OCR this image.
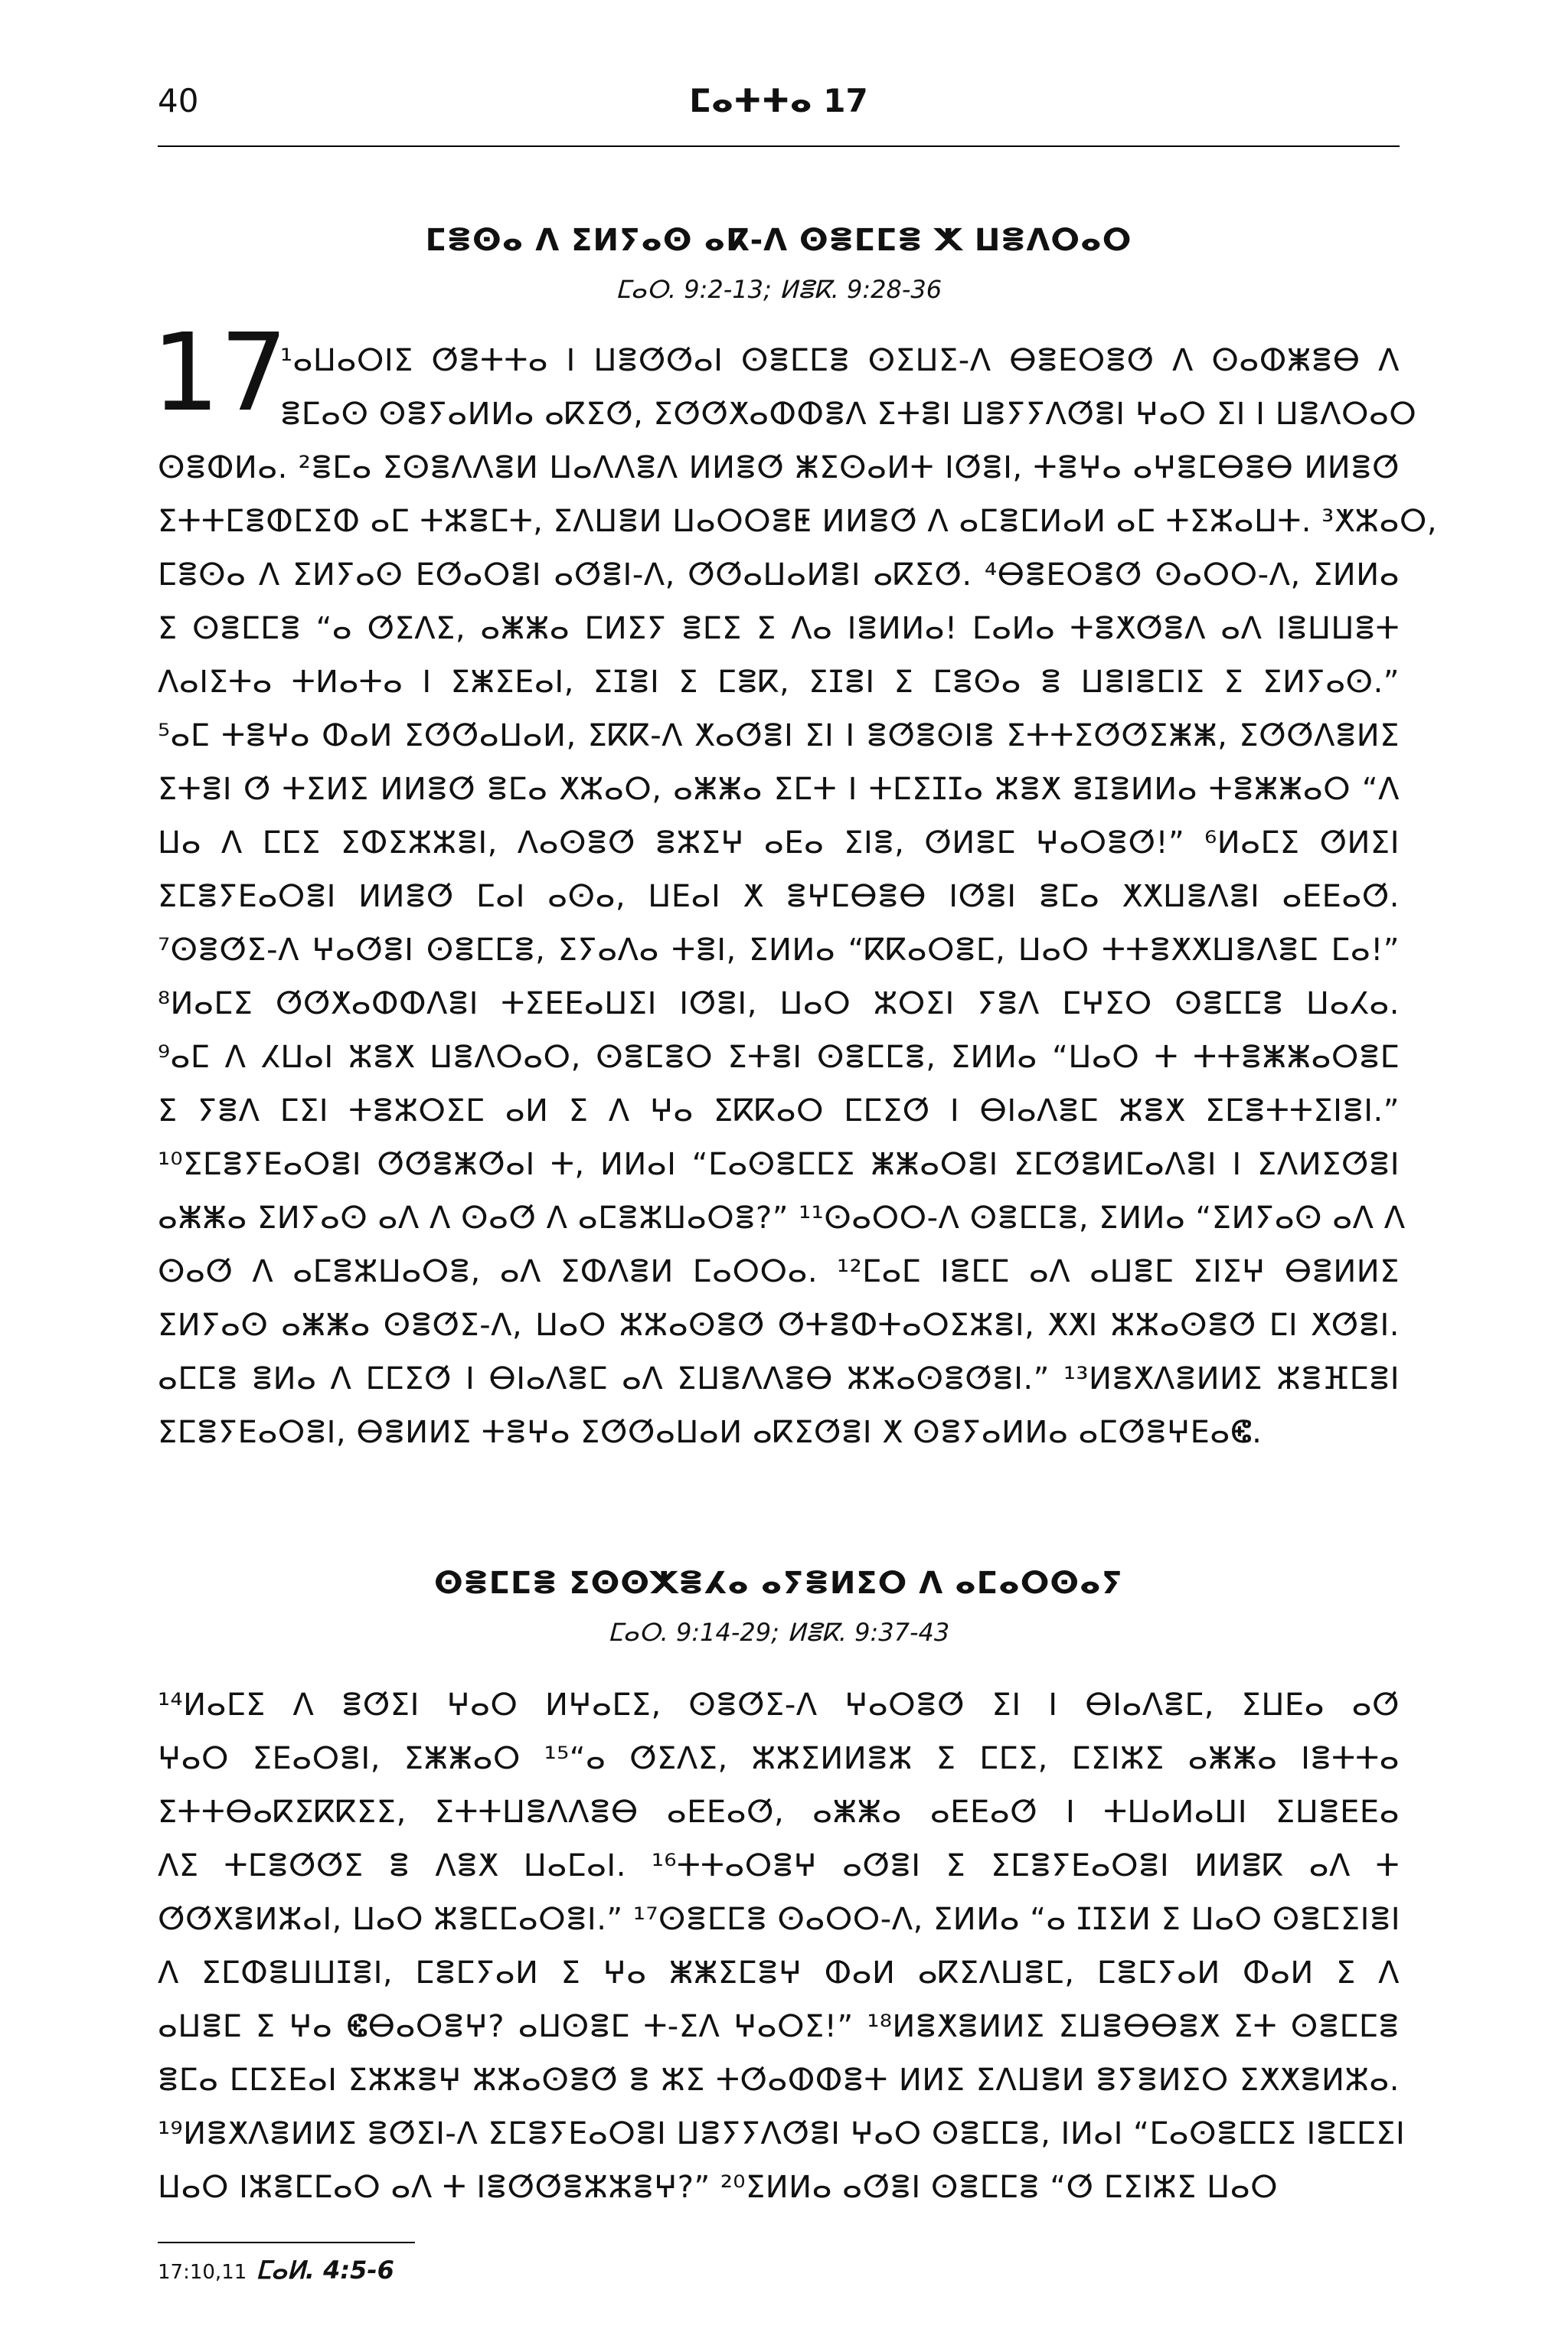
40	ⵎⴰⵜⵜⴰ 17
ⵎⴻⵙⴰ ⴷ ⵉⵍⵢⴰⵙ ⴰⴽ-ⴷ ⵙⴻⵎⵎⴻ ⵅ ⵡⴻⴷⵔⴰⵔ
ⵎⴰⵔ. 9:2-13; ⵍⴻⴽ. 9:28-36
17
¹ⴰⵡⴰⵔⵏⵉ ⵚⴻⵜⵜⴰ ⵏ ⵡⴻⵚⵚⴰⵏ ⵙⴻⵎⵎⴻ ⵙⵉⵡⵉ-ⴷ ⴱⴻⴹⵔⴻⵚ ⴷ ⵙⴰⵀⵥⴻⴱ ⴷ
ⴻⵎⴰⵙ ⵙⴻⵢⴰⵍⵍⴰ ⴰⴽⵉⵚ, ⵉⵚⵚⵅⴰⵀⵀⴻⴷ ⵉⵜⴻⵏ ⵡⴻⵢⵢⴷⵚⴻⵏ ⵖⴰⵔ ⵉⵏ ⵏ ⵡⴻⴷⵔⴰⵔ
ⵙⴻⵀⵍⴰ. ²ⴻⵎⴰ ⵉⵙⴻⴷⴷⴻⵍ ⵡⴰⴷⴷⴻⴷ ⵍⵍⴻⵚ ⵥⵉⵙⴰⵍⵜ ⵏⵚⴻⵏ, ⵜⴻⵖⴰ ⴰⵖⴻⵎⴱⴻⴱ ⵍⵍⴻⵚ
ⵉⵜⵜⵎⴻⵀⵎⵉⵀ ⴰⵎ ⵜⵣⴻⵎⵜ, ⵉⴷⵡⴻⵍ ⵡⴰⵔⵔⴻⵟ ⵍⵍⴻⵚ ⴷ ⴰⵎⴻⵎⵍⴰⵍ ⴰⵎ ⵜⵉⵣⴰⵡⵜ. ³ⵅⵣⴰⵔ,
ⵎⴻⵙⴰ ⴷ ⵉⵍⵢⴰⵙ ⴹⵚⴰⵔⴻⵏ ⴰⵚⴻⵏ-ⴷ, ⵚⵚⴰⵡⴰⵍⴻⵏ ⴰⴽⵉⵚ. ⁴ⴱⴻⴹⵔⴻⵚ ⵙⴰⵔⵔ-ⴷ, ⵉⵍⵍⴰ
ⵉ ⵙⴻⵎⵎⴻ “ⴰ ⵚⵉⴷⵉ, ⴰⵥⵥⴰ ⵎⵍⵉⵢ ⴻⵎⵉ ⵉ ⴷⴰ ⵏⴻⵍⵍⴰ! ⵎⴰⵍⴰ ⵜⴻⵅⵚⴻⴷ ⴰⴷ ⵏⴻⵡⵡⴻⵜ
ⴷⴰⵏⵉⵜⴰ ⵜⵍⴰⵜⴰ ⵏ ⵉⵥⵉⴹⴰⵏ, ⵉⵊⴻⵏ ⵉ ⵎⴻⴽ, ⵉⵊⴻⵏ ⵉ ⵎⴻⵙⴰ ⴻ ⵡⴻⵏⴻⵎⵏⵉ ⵉ ⵉⵍⵢⴰⵙ.”
⁵ⴰⵎ ⵜⴻⵖⴰ ⵀⴰⵍ ⵉⵚⵚⴰⵡⴰⵍ, ⵉⴽⴽ-ⴷ ⵅⴰⵚⴻⵏ ⵉⵏ ⵏ ⴻⵚⴻⵙⵏⴻ ⵉⵜⵜⵉⵚⵚⵉⵥⵥ, ⵉⵚⵚⴷⴻⵍⵉ
ⵉⵜⴻⵏ ⵚ ⵜⵉⵍⵉ ⵍⵍⴻⵚ ⴻⵎⴰ ⵅⵣⴰⵔ, ⴰⵥⵥⴰ ⵉⵎⵜ ⵏ ⵜⵎⵉⵊⵊⴰ ⵣⴻⵅ ⴻⵊⴻⵍⵍⴰ ⵜⴻⵥⵥⴰⵔ “ⴷ
ⵡⴰ ⴷ ⵎⵎⵉ ⵉⵀⵉⵣⵣⴻⵏ, ⴷⴰⵙⴻⵚ ⴻⵣⵉⵖ ⴰⴹⴰ ⵉⵏⴻ, ⵚⵍⴻⵎ ⵖⴰⵔⴻⵚ!” ⁶ⵍⴰⵎⵉ ⵚⵍⵉⵏ
ⵉⵎⴻⵢⴹⴰⵔⴻⵏ ⵍⵍⴻⵚ ⵎⴰⵏ ⴰⵙⴰ, ⵡⴹⴰⵏ ⵅ ⴻⵖⵎⴱⴻⴱ ⵏⵚⴻⵏ ⴻⵎⴰ ⵅⵅⵡⴻⴷⴻⵏ ⴰⴹⴹⴰⵚ.
⁷ⵙⴻⵚⵉ-ⴷ ⵖⴰⵚⴻⵏ ⵙⴻⵎⵎⴻ, ⵉⵢⴰⴷⴰ ⵜⴻⵏ, ⵉⵍⵍⴰ “ⴽⴽⴰⵔⴻⵎ, ⵡⴰⵔ ⵜⵜⴻⵅⵅⵡⴻⴷⴻⵎ ⵎⴰ!”
⁸ⵍⴰⵎⵉ ⵚⵚⵅⴰⵀⵀⴷⴻⵏ ⵜⵉⴹⴹⴰⵡⵉⵏ ⵏⵚⴻⵏ, ⵡⴰⵔ ⵣⵔⵉⵏ ⵢⴻⴷ ⵎⵖⵉⵔ ⵙⴻⵎⵎⴻ ⵡⴰⵃⴰ.
⁹ⴰⵎ ⴷ ⵃⵡⴰⵏ ⵣⴻⵅ ⵡⴻⴷⵔⴰⵔ, ⵙⴻⵎⴻⵔ ⵉⵜⴻⵏ ⵙⴻⵎⵎⴻ, ⵉⵍⵍⴰ “ⵡⴰⵔ ⵜ ⵜⵜⴻⵥⵥⴰⵔⴻⵎ
ⵉ ⵢⴻⴷ ⵎⵉⵏ ⵜⴻⵣⵔⵉⵎ ⴰⵍ ⵉ ⴷ ⵖⴰ ⵉⴽⴽⴰⵔ ⵎⵎⵉⵚ ⵏ ⴱⵏⴰⴷⴻⵎ ⵣⴻⵅ ⵉⵎⴻⵜⵜⵉⵏⴻⵏ.”
¹⁰ⵉⵎⴻⵢⴹⴰⵔⴻⵏ ⵚⵚⴻⵥⵚⴰⵏ ⵜ, ⵍⵍⴰⵏ “ⵎⴰⵙⴻⵎⵎⵉ ⵥⵥⴰⵔⴻⵏ ⵉⵎⵚⴻⵍⵎⴰⴷⴻⵏ ⵏ ⵉⴷⵍⵉⵚⴻⵏ
ⴰⵥⵥⴰ ⵉⵍⵢⴰⵙ ⴰⴷ ⴷ ⵙⴰⵚ ⴷ ⴰⵎⴻⵣⵡⴰⵔⴻ?” ¹¹ⵙⴰⵔⵔ-ⴷ ⵙⴻⵎⵎⴻ, ⵉⵍⵍⴰ “ⵉⵍⵢⴰⵙ ⴰⴷ ⴷ
ⵙⴰⵚ ⴷ ⴰⵎⴻⵣⵡⴰⵔⴻ, ⴰⴷ ⵉⵀⴷⴻⵍ ⵎⴰⵔⵔⴰ. ¹²ⵎⴰⵎ ⵏⴻⵎⵎ ⴰⴷ ⴰⵡⴻⵎ ⵉⵏⵉⵖ ⴱⴻⵍⵍⵉ
ⵉⵍⵢⴰⵙ ⴰⵥⵥⴰ ⵙⴻⵚⵉ-ⴷ, ⵡⴰⵔ ⵣⵣⴰⵙⴻⵚ ⵚⵜⴻⵀⵜⴰⵔⵉⵣⴻⵏ, ⵅⵅⵏ ⵣⵣⴰⵙⴻⵚ ⵎⵏ ⵅⵚⴻⵏ.
ⴰⵎⵎⴻ ⴻⵍⴰ ⴷ ⵎⵎⵉⵚ ⵏ ⴱⵏⴰⴷⴻⵎ ⴰⴷ ⵉⵡⴻⴷⴷⴻⴱ ⵣⵣⴰⵙⴻⵚⴻⵏ.” ¹³ⵍⴻⵅⴷⴻⵍⵍⵉ ⵣⴻⴼⵎⴻⵏ
ⵉⵎⴻⵢⴹⴰⵔⴻⵏ, ⴱⴻⵍⵍⵉ ⵜⴻⵖⴰ ⵉⵚⵚⴰⵡⴰⵍ ⴰⴽⵉⵚⴻⵏ ⵅ ⵙⴻⵢⴰⵍⵍⴰ ⴰⵎⵚⴻⵖⴹⴰⵞ.
¹⁴ⵍⴰⵎⵉ ⴷ ⴻⵚⵉⵏ ⵖⴰⵔ ⵍⵖⴰⵎⵉ, ⵙⴻⵚⵉ-ⴷ ⵖⴰⵔⴻⵚ ⵉⵏ ⵏ ⴱⵏⴰⴷⴻⵎ, ⵉⵡⴹⴰ ⴰⵚ
ⵖⴰⵔ ⵉⴹⴰⵔⴻⵏ, ⵉⵥⵥⴰⵔ ¹⁵“ⴰ ⵚⵉⴷⵉ, ⵣⵣⵉⵍⵍⴻⵣ ⵉ ⵎⵎⵉ, ⵎⵉⵏⵣⵉ ⴰⵥⵥⴰ ⵏⴻⵜⵜⴰ
ⵉⵜⵜⴱⴰⴽⵉⴽⴽⵉⵉ, ⵉⵜⵜⵡⴻⴷⴷⴻⴱ ⴰⴹⴹⴰⵚ, ⴰⵥⵥⴰ ⴰⴹⴹⴰⵚ ⵏ ⵜⵡⴰⵍⴰⵡⵏ ⵉⵡⴻⴹⴹⴰ
ⴷⵉ ⵜⵎⴻⵚⵚⵉ ⴻ ⴷⴻⵅ ⵡⴰⵎⴰⵏ. ¹⁶ⵜⵜⴰⵔⴻⵖ ⴰⵚⴻⵏ ⵉ ⵉⵎⴻⵢⴹⴰⵔⴻⵏ ⵍⵍⴻⴽ ⴰⴷ ⵜ
ⵚⵚⵅⴻⵍⵣⴰⵏ, ⵡⴰⵔ ⵣⴻⵎⵎⴰⵔⴻⵏ.” ¹⁷ⵙⴻⵎⵎⴻ ⵙⴰⵔⵔ-ⴷ, ⵉⵍⵍⴰ “ⴰ ⵊⵊⵉⵍ ⵉ ⵡⴰⵔ ⵙⴻⵎⵉⵏⴻⵏ
ⴷ ⵉⵎⵀⴻⵡⵡⵊⴻⵏ, ⵎⴻⵎⵢⴰⵍ ⵉ ⵖⴰ ⵥⵥⵉⵎⴻⵖ ⵀⴰⵍ ⴰⴽⵉⴷⵡⴻⵎ, ⵎⴻⵎⵢⴰⵍ ⵀⴰⵍ ⵉ ⴷ
ⴰⵡⴻⵎ ⵉ ⵖⴰ ⵞⴱⴰⵔⴻⵖ? ⴰⵡⵙⴻⵎ ⵜ-ⵉⴷ ⵖⴰⵔⵉ!” ¹⁸ⵍⴻⵅⴻⵍⵍⵉ ⵉⵡⴻⴱⴱⴻⵅ ⵉⵜ ⵙⴻⵎⵎⴻ
ⴻⵎⴰ ⵎⵎⵉⴹⴰⵏ ⵉⵣⵣⴻⵖ ⵣⵣⴰⵙⴻⵚ ⴻ ⵣⵉ ⵜⵚⴰⵀⵀⴻⵜ ⵍⵍⵉ ⵉⴷⵡⴻⵍ ⴻⵢⴻⵍⵉⵔ ⵉⵅⵅⴻⵍⵣⴰ.
¹⁹ⵍⴻⵅⴷⴻⵍⵍⵉ ⴻⵚⵉⵏ-ⴷ ⵉⵎⴻⵢⴹⴰⵔⴻⵏ ⵡⴻⵢⵢⴷⵚⴻⵏ ⵖⴰⵔ ⵙⴻⵎⵎⴻ, ⵏⵍⴰⵏ “ⵎⴰⵙⴻⵎⵎⵉ ⵏⴻⵎⵎⵉⵏ
ⵡⴰⵔ ⵏⵣⴻⵎⵎⴰⵔ ⴰⴷ ⵜ ⵏⴻⵚⵚⴻⵣⵣⴻⵖ?” ²⁰ⵉⵍⵍⴰ ⴰⵚⴻⵏ ⵙⴻⵎⵎⴻ “ⵚ ⵎⵉⵏⵣⵉ ⵡⴰⵔ
ⵙⴻⵎⵎⴻ ⵉⵙⵙⵅⴻⵃⴰ ⴰⵢⴻⵍⵉⵔ ⴷ ⴰⵎⴰⵔⵙⴰⵢ
ⵎⴰⵔ. 9:14-29; ⵍⴻⴽ. 9:37-43
17:10,11 ⵎⴰⵍ. 4:5-6
